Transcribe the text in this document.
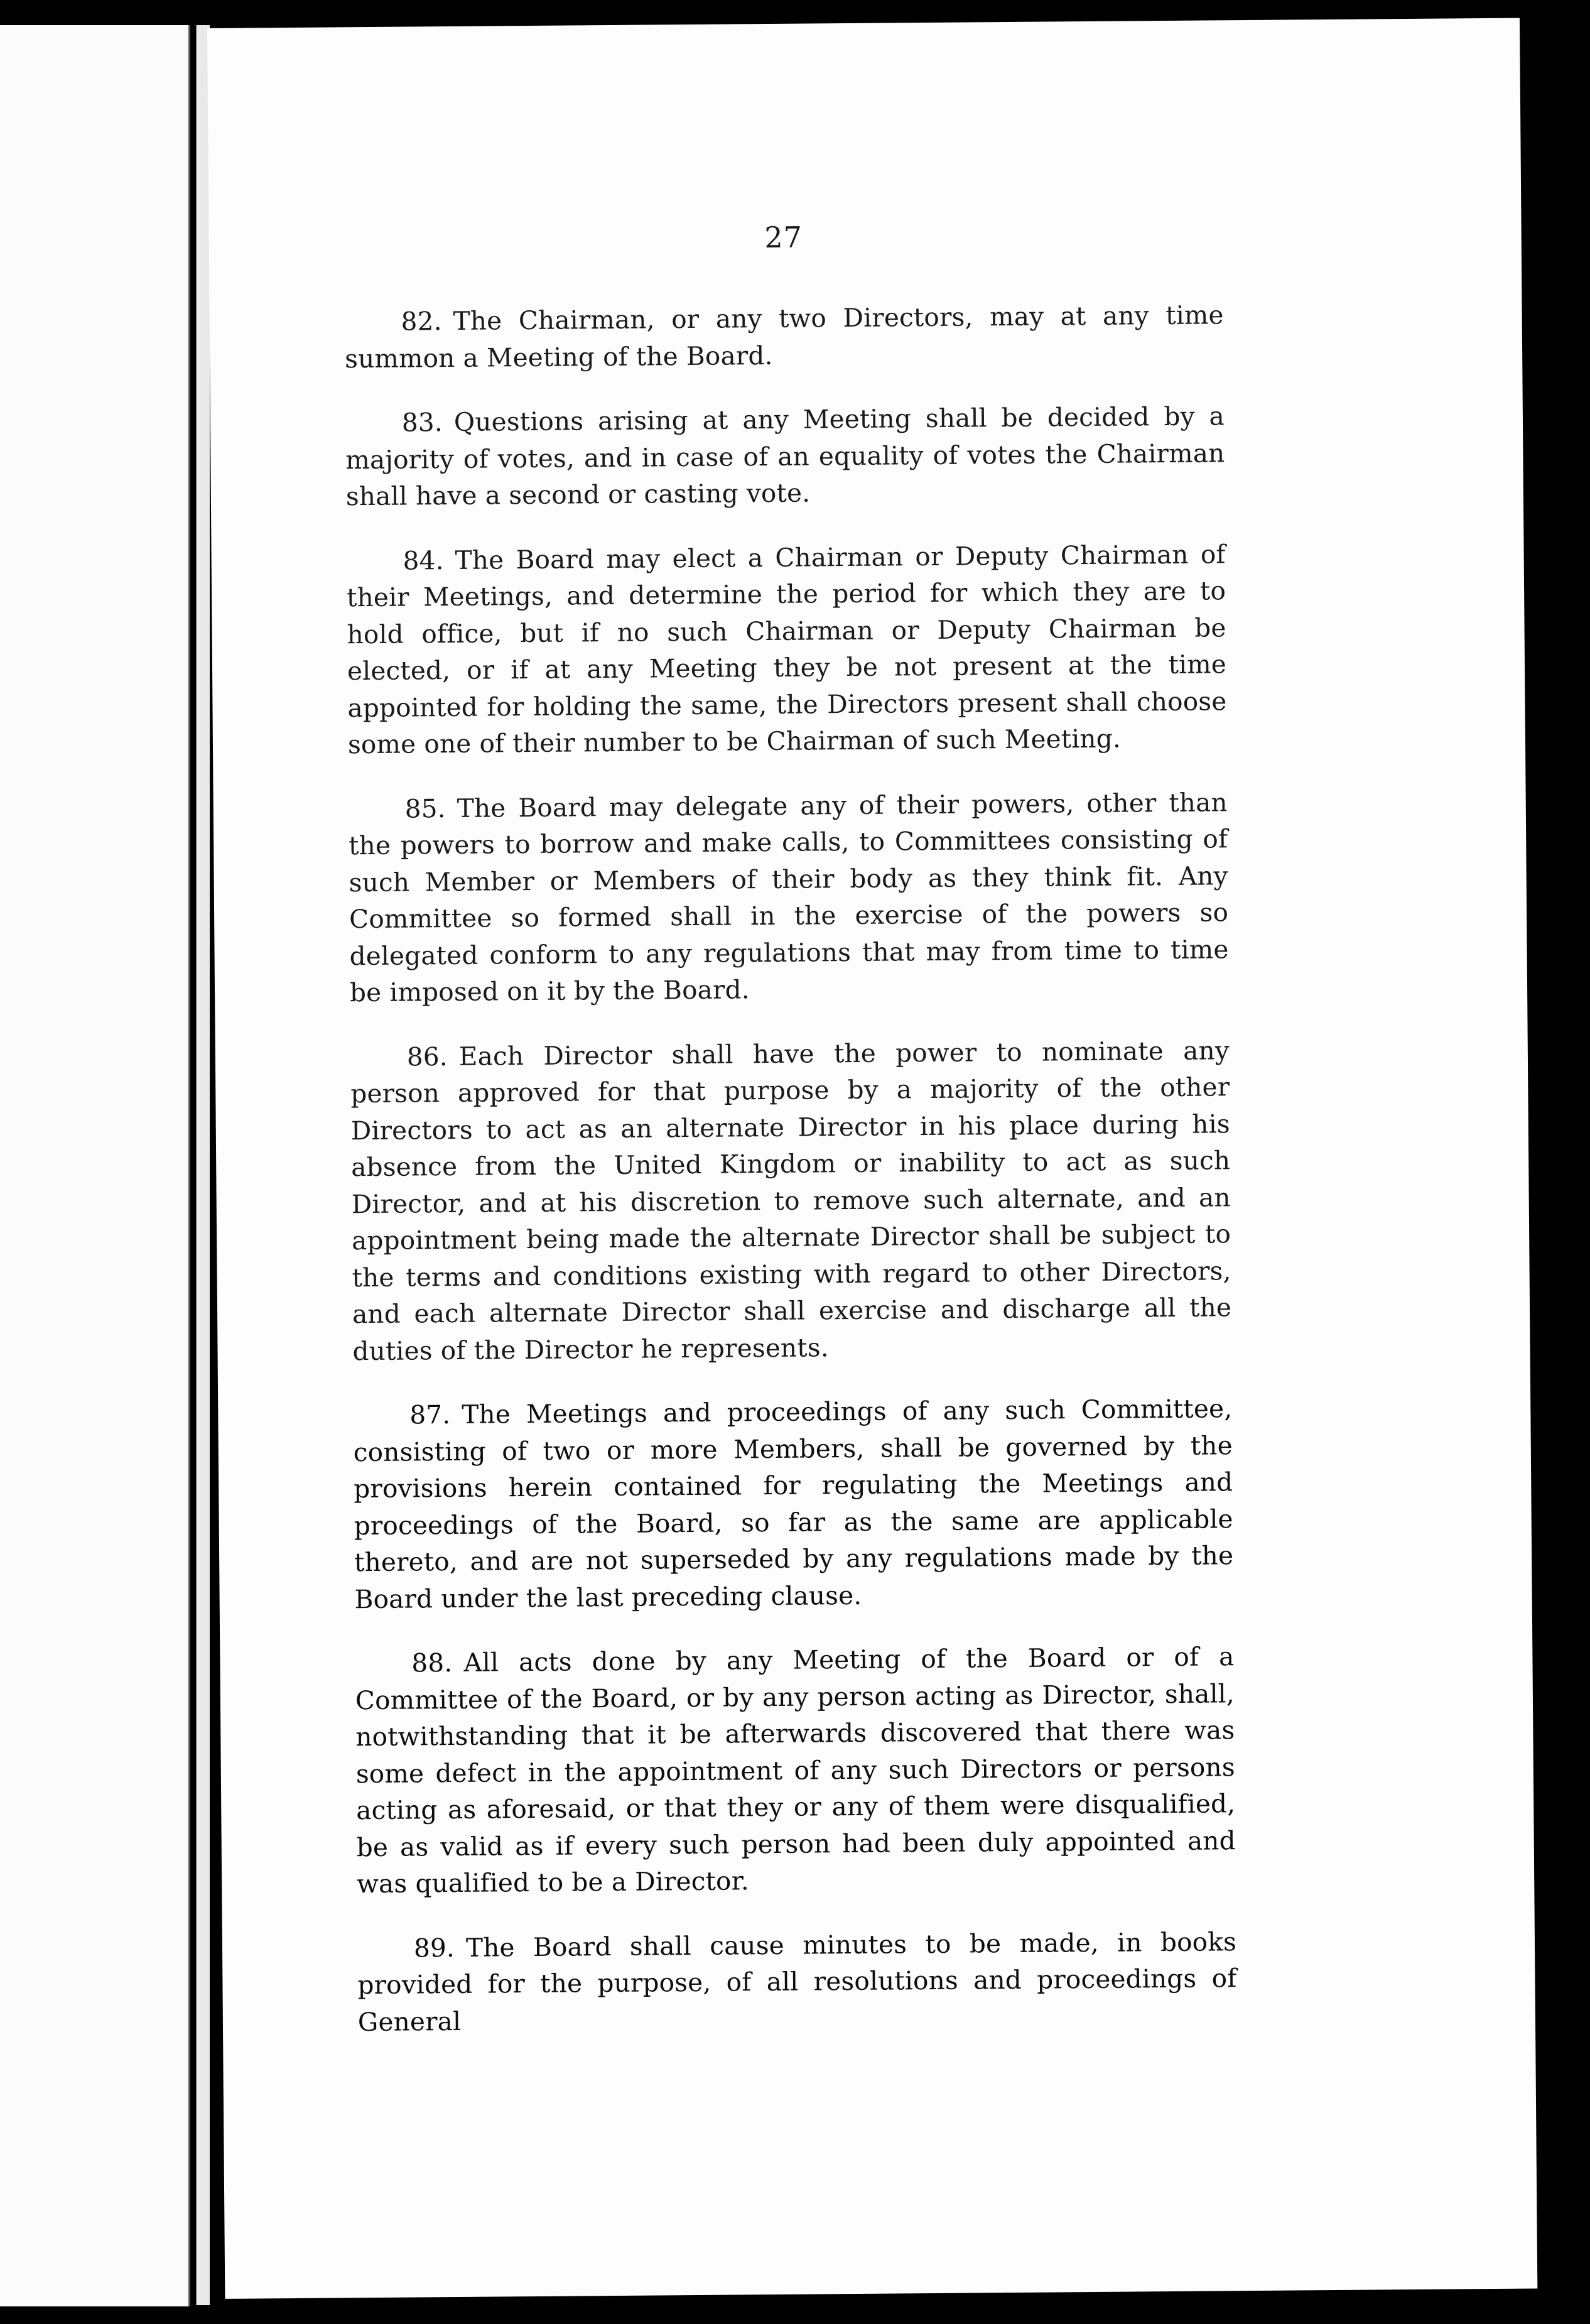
27

82. The Chairman, or any two Directors, may at any time summon a Meeting of the Board.

83. Questions arising at any Meeting shall be decided by a majority of votes, and in case of an equality of votes the Chairman shall have a second or casting vote.

84. The Board may elect a Chairman or Deputy Chairman of their Meetings, and determine the period for which they are to hold office, but if no such Chairman or Deputy Chairman be elected, or if at any Meeting they be not present at the time appointed for holding the same, the Directors present shall choose some one of their number to be Chairman of such Meeting.

85. The Board may delegate any of their powers, other than the powers to borrow and make calls, to Committees consisting of such Member or Members of their body as they think fit. Any Committee so formed shall in the exercise of the powers so delegated conform to any regulations that may from time to time be imposed on it by the Board.

86. Each Director shall have the power to nominate any person approved for that purpose by a majority of the other Directors to act as an alternate Director in his place during his absence from the United Kingdom or inability to act as such Director, and at his discretion to remove such alternate, and an appointment being made the alternate Director shall be subject to the terms and conditions existing with regard to other Directors, and each alternate Director shall exercise and discharge all the duties of the Director he represents.

87. The Meetings and proceedings of any such Committee, consisting of two or more Members, shall be governed by the provisions herein contained for regulating the Meetings and proceedings of the Board, so far as the same are applicable thereto, and are not superseded by any regulations made by the Board under the last preceding clause.

88. All acts done by any Meeting of the Board or of a Committee of the Board, or by any person acting as Director, shall, notwithstanding that it be afterwards discovered that there was some defect in the appointment of any such Directors or persons acting as aforesaid, or that they or any of them were disqualified, be as valid as if every such person had been duly appointed and was qualified to be a Director.

89. The Board shall cause minutes to be made, in books provided for the purpose, of all resolutions and proceedings of General
